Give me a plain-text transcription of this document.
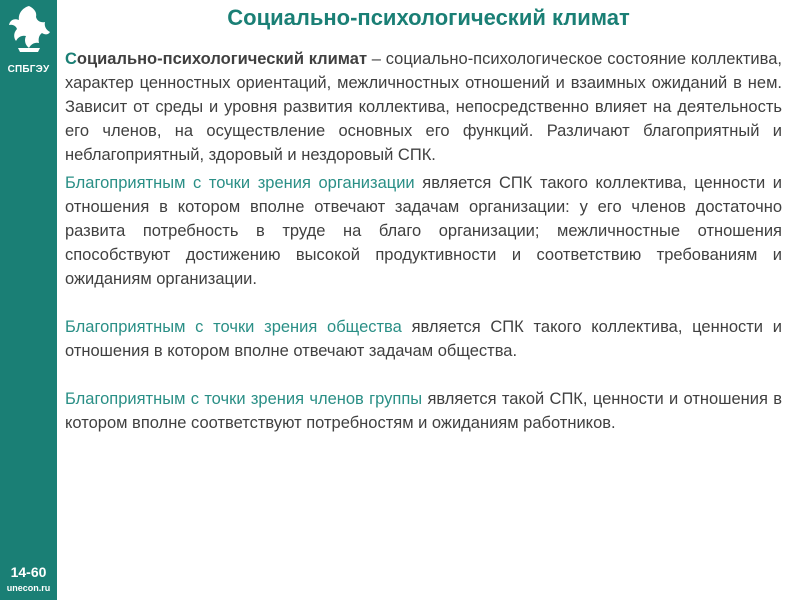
СПБГЭУ
14-60
unecon.ru
Социально-психологический климат

Социально-психологический климат – социально-психологическое состояние коллектива, характер ценностных ориентаций, межличностных отношений и взаимных ожиданий в нем. Зависит от среды и уровня развития коллектива, непосредственно влияет на деятельность его членов, на осуществление основных его функций. Различают благоприятный и неблагоприятный, здоровый и нездоровый СПК.

Благоприятным с точки зрения организации является СПК такого коллектива, ценности и отношения в котором вполне отвечают задачам организации: у его членов достаточно развита потребность в труде на благо организации; межличностные отношения способствуют достижению высокой продуктивности и соответствию требованиям и ожиданиям организации.

Благоприятным с точки зрения общества является СПК такого коллектива, ценности и отношения в котором вполне отвечают задачам общества.

Благоприятным с точки зрения членов группы является такой СПК, ценности и отношения в котором вполне соответствуют потребностям и ожиданиям работников.
